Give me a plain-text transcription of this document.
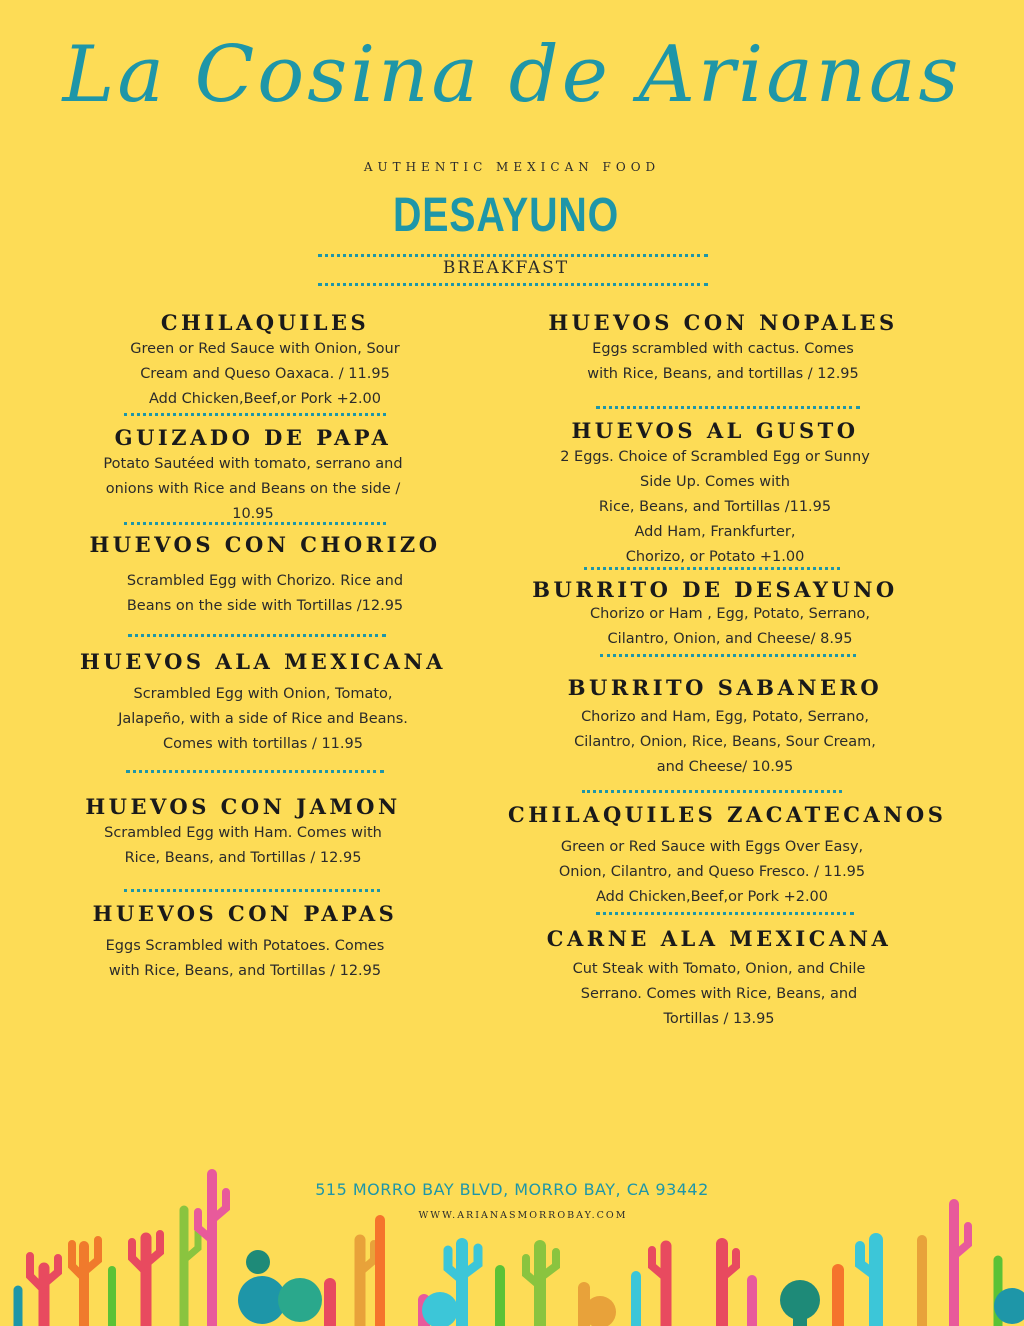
La Cosina de Arianas
AUTHENTIC MEXICAN FOOD
DESAYUNO
BREAKFAST
CHILAQUILES
Green or Red Sauce with Onion, Sour
Cream and Queso Oaxaca. / 11.95
Add Chicken,Beef,or Pork +2.00
GUIZADO DE PAPA
Potato Sautéed with tomato, serrano and
onions with Rice and Beans on the side /
10.95
HUEVOS CON CHORIZO
Scrambled Egg with Chorizo. Rice and
Beans on the side with Tortillas /12.95
HUEVOS ALA MEXICANA
Scrambled Egg with Onion, Tomato,
Jalapeño, with a side of Rice and Beans.
Comes with tortillas / 11.95
HUEVOS CON JAMON
Scrambled Egg with Ham. Comes with
Rice, Beans, and Tortillas / 12.95
HUEVOS CON PAPAS
Eggs Scrambled with Potatoes. Comes
with Rice, Beans, and Tortillas / 12.95
HUEVOS CON NOPALES
Eggs scrambled with cactus. Comes
with Rice, Beans, and tortillas / 12.95
HUEVOS AL GUSTO
2 Eggs. Choice of Scrambled Egg or Sunny
Side Up. Comes with
Rice, Beans, and Tortillas /11.95
Add Ham, Frankfurter,
Chorizo, or Potato +1.00
BURRITO DE DESAYUNO
Chorizo or Ham , Egg, Potato, Serrano,
Cilantro, Onion, and Cheese/ 8.95
BURRITO SABANERO
Chorizo and Ham, Egg, Potato, Serrano,
Cilantro, Onion, Rice, Beans, Sour Cream,
and Cheese/ 10.95
CHILAQUILES ZACATECANOS
Green or Red Sauce with Eggs Over Easy,
Onion, Cilantro, and Queso Fresco. / 11.95
Add Chicken,Beef,or Pork +2.00
CARNE ALA MEXICANA
Cut Steak with Tomato, Onion, and Chile
Serrano. Comes with Rice, Beans, and
Tortillas / 13.95
515 MORRO BAY BLVD, MORRO BAY, CA 93442
WWW.ARIANASMORROBAY.COM
